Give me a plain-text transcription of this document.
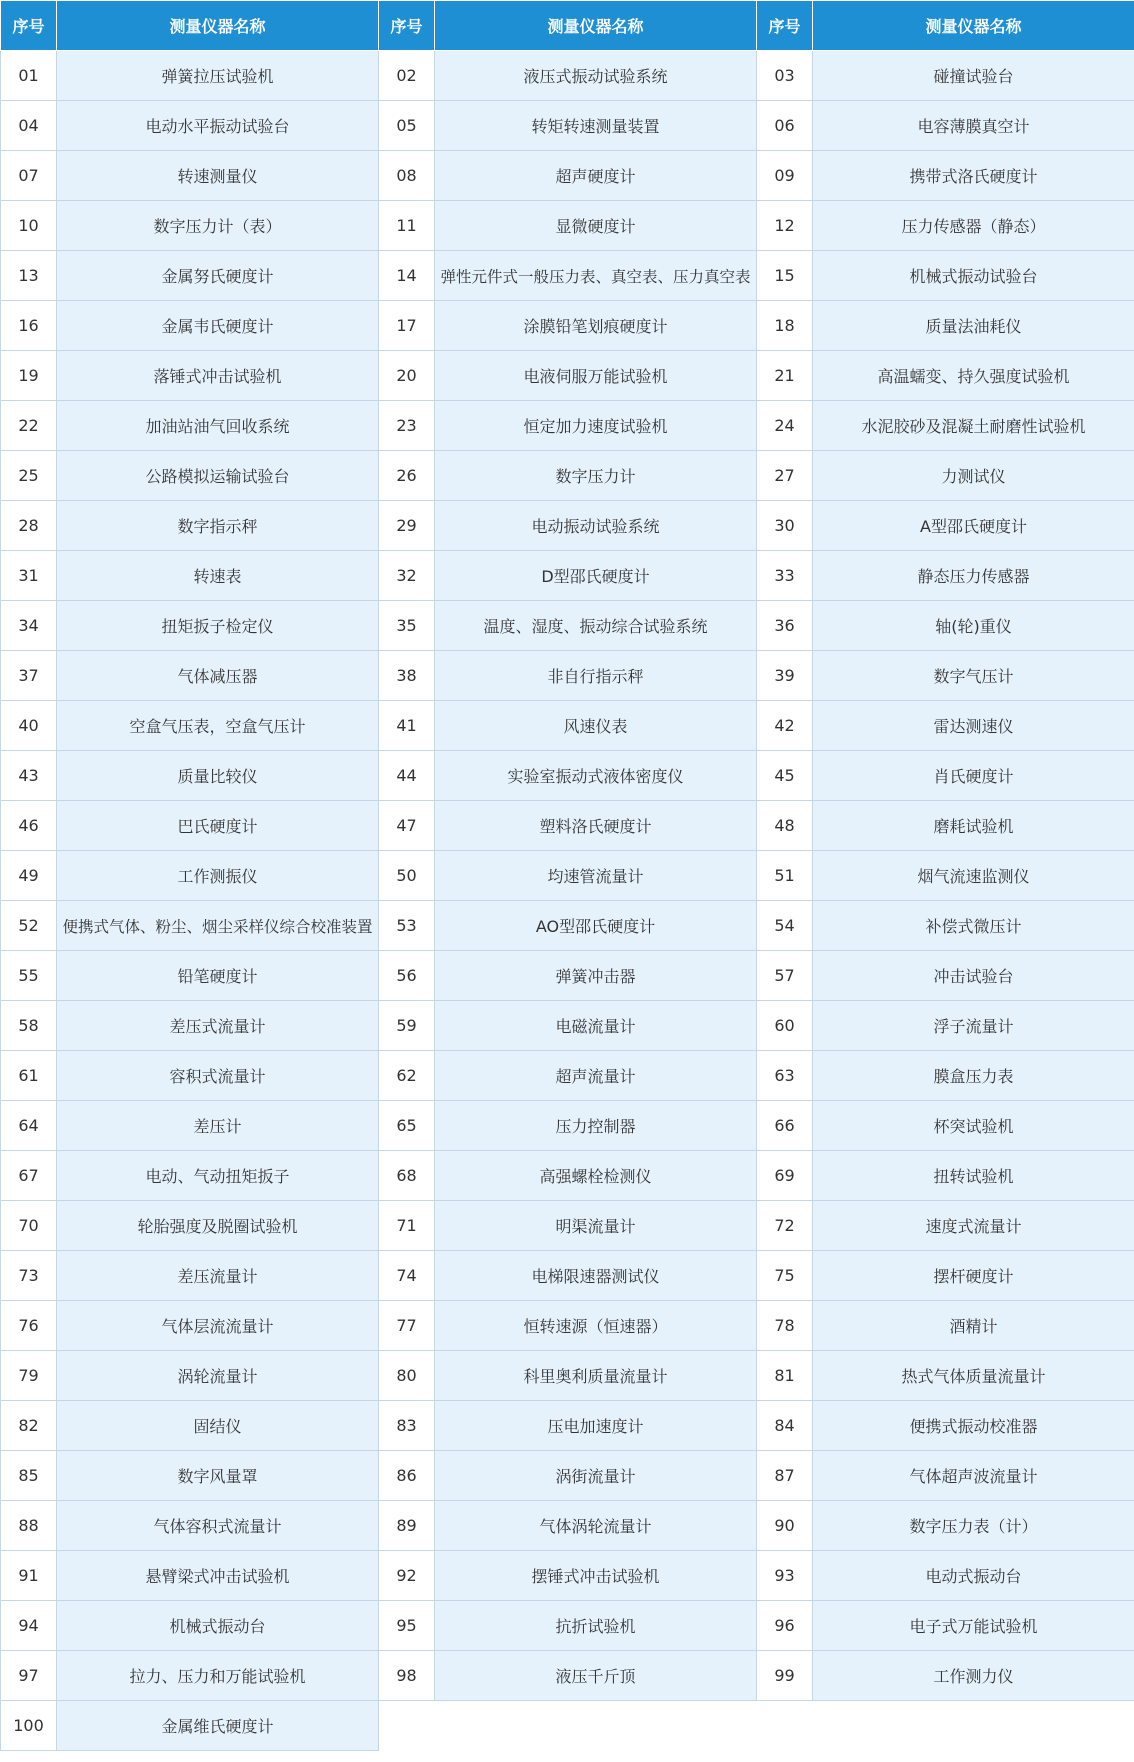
序号	测量仪器名称	序号	测量仪器名称	序号	测量仪器名称
01	弹簧拉压试验机	02	液压式振动试验系统	03	碰撞试验台
04	电动水平振动试验台	05	转矩转速测量装置	06	电容薄膜真空计
07	转速测量仪	08	超声硬度计	09	携带式洛氏硬度计
10	数字压力计（表）	11	显微硬度计	12	压力传感器（静态）
13	金属努氏硬度计	14	弹性元件式一般压力表、真空表、压力真空表	15	机械式振动试验台
16	金属韦氏硬度计	17	涂膜铅笔划痕硬度计	18	质量法油耗仪
19	落锤式冲击试验机	20	电液伺服万能试验机	21	高温蠕变、持久强度试验机
22	加油站油气回收系统	23	恒定加力速度试验机	24	水泥胶砂及混凝土耐磨性试验机
25	公路模拟运输试验台	26	数字压力计	27	力测试仪
28	数字指示秤	29	电动振动试验系统	30	A型邵氏硬度计
31	转速表	32	D型邵氏硬度计	33	静态压力传感器
34	扭矩扳子检定仪	35	温度、湿度、振动综合试验系统	36	轴(轮)重仪
37	气体减压器	38	非自行指示秤	39	数字气压计
40	空盒气压表，空盒气压计	41	风速仪表	42	雷达测速仪
43	质量比较仪	44	实验室振动式液体密度仪	45	肖氏硬度计
46	巴氏硬度计	47	塑料洛氏硬度计	48	磨耗试验机
49	工作测振仪	50	均速管流量计	51	烟气流速监测仪
52	便携式气体、粉尘、烟尘采样仪综合校准装置	53	AO型邵氏硬度计	54	补偿式微压计
55	铅笔硬度计	56	弹簧冲击器	57	冲击试验台
58	差压式流量计	59	电磁流量计	60	浮子流量计
61	容积式流量计	62	超声流量计	63	膜盒压力表
64	差压计	65	压力控制器	66	杯突试验机
67	电动、气动扭矩扳子	68	高强螺栓检测仪	69	扭转试验机
70	轮胎强度及脱圈试验机	71	明渠流量计	72	速度式流量计
73	差压流量计	74	电梯限速器测试仪	75	摆杆硬度计
76	气体层流流量计	77	恒转速源（恒速器）	78	酒精计
79	涡轮流量计	80	科里奥利质量流量计	81	热式气体质量流量计
82	固结仪	83	压电加速度计	84	便携式振动校准器
85	数字风量罩	86	涡街流量计	87	气体超声波流量计
88	气体容积式流量计	89	气体涡轮流量计	90	数字压力表（计）
91	悬臂梁式冲击试验机	92	摆锤式冲击试验机	93	电动式振动台
94	机械式振动台	95	抗折试验机	96	电子式万能试验机
97	拉力、压力和万能试验机	98	液压千斤顶	99	工作测力仪
100	金属维氏硬度计				
